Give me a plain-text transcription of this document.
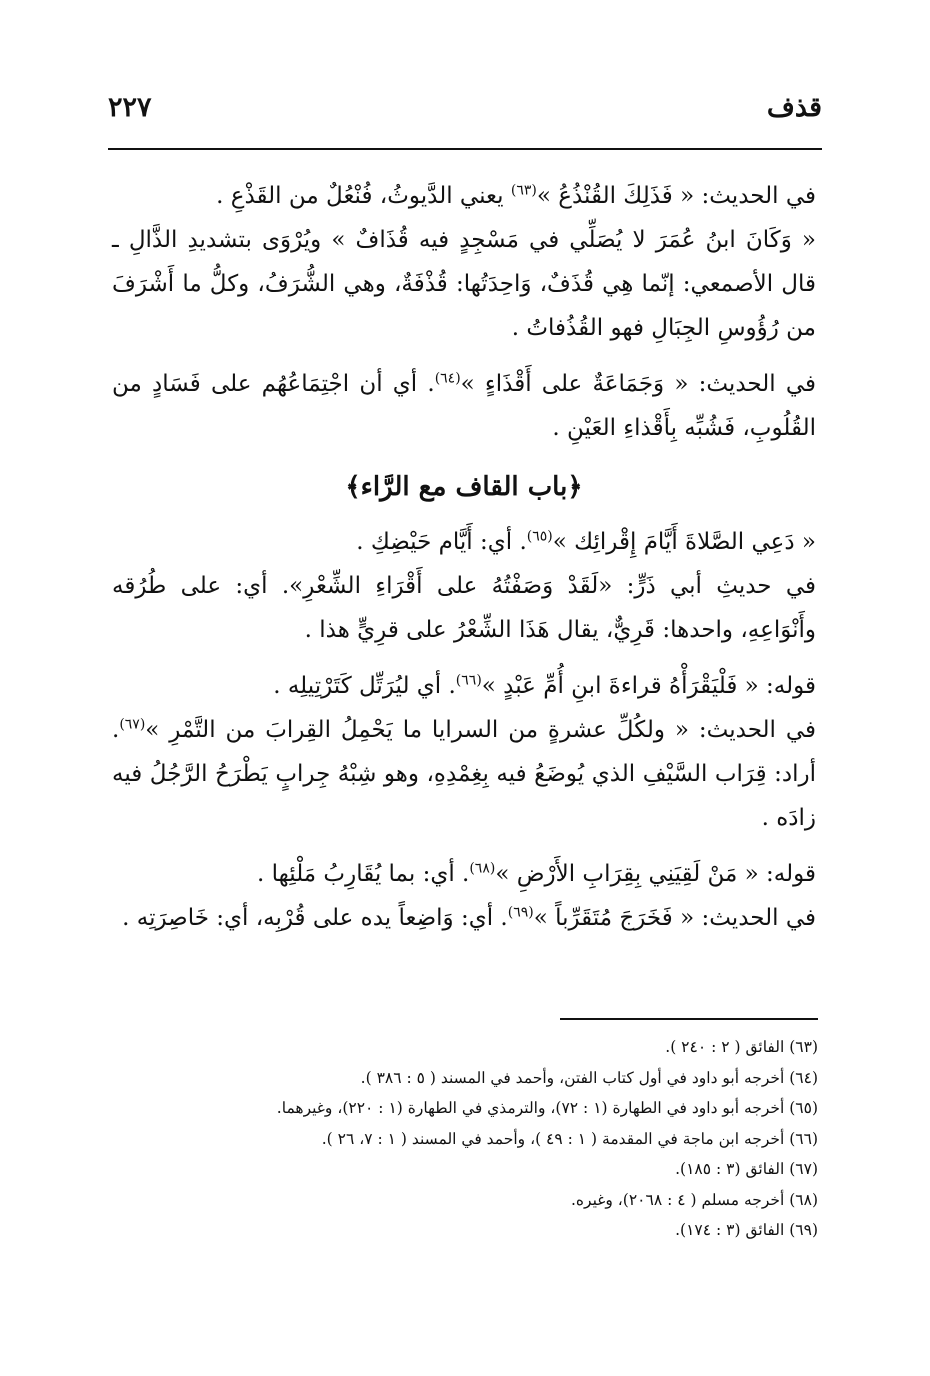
قذف
٢٢٧

في الحديث: « فَذَلِكَ القُنْذُعُ »$^{(٦٣)}$ يعني الدَّيوثُ، فُنْعُلٌ من القَذْعِ .

« وَكَانَ ابنُ عُمَرَ لا يُصَلِّي في مَسْجِدٍ فيه قُذَافٌ » ويُرْوَى بتشديدِ الذَّالِ ـ قال الأصمعي: إنّما هِي قُذَفٌ، وَاحِدَتُها: قُذْفَةٌ، وهي الشُّرَفُ، وكلُّ ما أَشْرَفَ من رُؤُوسِ الجِبَالِ فهو القُذُفاتُ .

في الحديث: « وَجَمَاعَةٌ على أَقْذَاءٍ »$^{(٦٤)}$. أي أن اجْتِمَاعُهُم على فَسَادٍ من القُلُوبِ، فَشُبِّه بِأَقْذاءِ العَيْنِ .

﴿باب القاف مع الرَّاء﴾

« دَعِي الصَّلاةَ أَيَّامَ إِقْرائِك »$^{(٦٥)}$. أي: أَيَّام حَيْضِكِ .

في حديثِ أبي ذَرٍّ: «لَقَدْ وَصَفْتُهُ على أَقْرَاءِ الشِّعْرِ». أي: على طُرُقه وأَنْوَاعِهِ، واحدها: قَرِيٌّ، يقال هَذَا الشِّعْرُ على قرِيٍّ هذا .

قوله: « فَلْيَقْرَأْهُ قراءةَ ابنِ أُمِّ عَبْدٍ »$^{(٦٦)}$. أي ليُرَتِّل كَتَرْتِيلِه .

في الحديث: « ولكُلِّ عشرةٍ من السرايا ما يَحْمِلُ القِرابَ من التَّمْرِ »$^{(٦٧)}$. أراد: قِرَاب السَّيْفِ الذي يُوضَعُ فيه بِغِمْدِهِ، وهو شِبْهُ جِرابٍ يَطْرَحُ الرَّجُلُ فيه زادَه .

قوله: « مَنْ لَقِيَنِي بِقِرَابِ الأَرْضِ »$^{(٦٨)}$. أي: بما يُقَارِبُ مَلْئِها .

في الحديث: « فَخَرَجَ مُتَقَرِّباً »$^{(٦٩)}$. أي: وَاضِعاً يده على قُرْبِه، أي: خَاصِرَتِه .

(٦٣) الفائق ( ٢ : ٢٤٠ ).
(٦٤) أخرجه أبو داود في أول كتاب الفتن، وأحمد في المسند ( ٥ : ٣٨٦ ).
(٦٥) أخرجه أبو داود في الطهارة (١ : ٧٢)، والترمذي في الطهارة (١ : ٢٢٠)، وغيرهما.
(٦٦) أخرجه ابن ماجة في المقدمة ( ١ : ٤٩ )، وأحمد في المسند ( ١ : ٧، ٢٦ ).
(٦٧) الفائق (٣ : ١٨٥).
(٦٨) أخرجه مسلم ( ٤ : ٢٠٦٨)، وغيره.
(٦٩) الفائق (٣ : ١٧٤).
